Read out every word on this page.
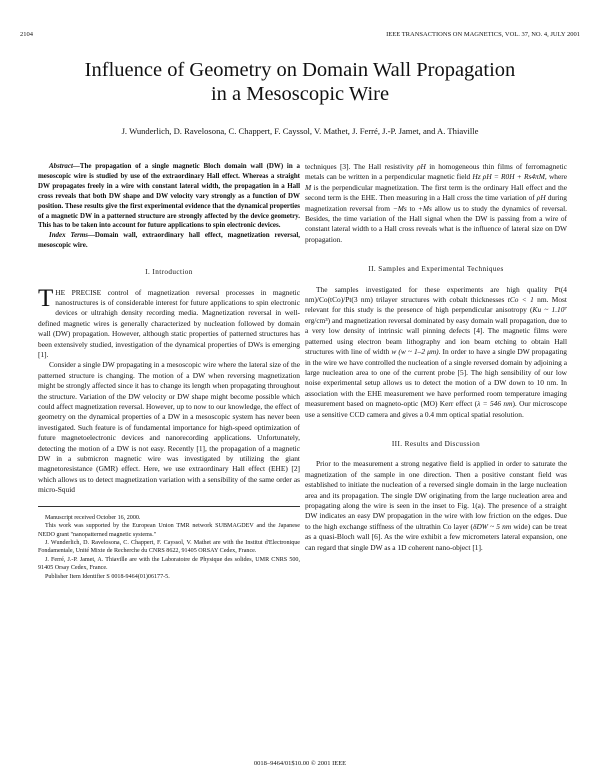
2104	IEEE TRANSACTIONS ON MAGNETICS, VOL. 37, NO. 4, JULY 2001
Influence of Geometry on Domain Wall Propagation
in a Mesoscopic Wire
J. Wunderlich, D. Ravelosona, C. Chappert, F. Cayssol, V. Mathet, J. Ferré, J.-P. Jamet, and A. Thiaville

Abstract—The propagation of a single magnetic Bloch domain wall (DW) in a mesoscopic wire is studied by use of the extraordinary Hall effect. Whereas a straight DW propagates freely in a wire with constant lateral width, the propagation in a Hall cross reveals that both DW shape and DW velocity vary strongly as a function of DW position. These results give the first experimental evidence that the dynamical properties of a magnetic DW in a patterned structure are strongly affected by the device geometry. This has to be taken into account for future applications to spin electronic devices.

Index Terms—Domain wall, extraordinary hall effect, magnetization reversal, mesoscopic wire.

I. Introduction

THE PRECISE control of magnetization reversal processes in magnetic nanostructures is of considerable interest for future applications to spin electronic devices or ultrahigh density recording media. Magnetization reversal in well-defined magnetic wires is generally characterized by nucleation followed by domain wall (DW) propagation. However, although static properties of patterned structures has been extensively studied, investigation of the dynamical properties of DWs is emerging [1].

Consider a single DW propagating in a mesoscopic wire where the lateral size of the patterned structure is changing. The motion of a DW when reversing magnetization might be strongly affected since it has to change its length when propagating throughout the structure. Variation of the DW velocity or DW shape might become possible which could affect magnetization reversal. However, up to now to our knowledge, the effect of geometry on the dynamical properties of a DW in a mesoscopic system has never been investigated. Such feature is of fundamental importance for high-speed optimization of future magnetoelectronic devices and nanorecording applications. Unfortunately, detecting the motion of a DW is not easy. Recently [1], the propagation of a magnetic DW in a submicron magnetic wire was investigated by utilizing the giant magnetoresistance (GMR) effect. Here, we use extraordinary Hall effect (EHE) [2] which allows us to detect magnetization variation with a sensibility of the same order as micro-Squid

Manuscript received October 16, 2000.

This work was supported by the European Union TMR network SUBMAGDEV and the Japanese NEDO grant "nanopatterned magnetic systems."

J. Wunderlich, D. Ravelosona, C. Chappert, F. Cayssol, V. Mathet are with the Institut d'Electronique Fondamentale, Unité Mixte de Recherche du CNRS 8622, 91405 ORSAY Cedex, France.

J. Ferré, J.-P. Jamet, A. Thiaville are with the Laboratoire de Physique des solides, UMR CNRS 500, 91405 Orsay Cedex, France.

Publisher Item Identifier S 0018-9464(01)06177-5.

techniques [3]. The Hall resistivity ρH in homogeneous thin films of ferromagnetic metals can be written in a perpendicular magnetic field Hz ρH = R0H + Rs4πM, where M is the perpendicular magnetization. The first term is the ordinary Hall effect and the second term is the EHE. Then measuring in a Hall cross the time variation of ρH during magnetization reversal from −Ms to +Ms allow us to study the dynamics of reversal. Besides, the time variation of the Hall signal when the DW is passing from a wire of constant lateral width to a Hall cross reveals what is the influence of lateral size on DW propagation.

II. Samples and Experimental Techniques

The samples investigated for these experiments are high quality Pt(4 nm)/Co(tCo)/Pt(3 nm) trilayer structures with cobalt thicknesses tCo < 1 nm. Most relevant for this study is the presence of high perpendicular anisotropy (Ku ~ 1.10⁷ erg/cm³) and magnetization reversal dominated by easy domain wall propagation, due to a very low density of intrinsic wall pinning defects [4]. The magnetic films were patterned using electron beam lithography and ion beam etching to obtain Hall structures with line of width w (w ~ 1–2 μm). In order to have a single DW propagating in the wire we have controlled the nucleation of a single reversed domain by adjoining a large nucleation area to one of the current probe [5]. The high sensibility of our low noise experimental setup allows us to detect the motion of a DW down to 10 nm. In association with the EHE measurement we have performed room temperature imaging measurement based on magneto-optic (MO) Kerr effect (λ = 546 nm). Our microscope use a sensitive CCD camera and gives a 0.4 mm optical spatial resolution.

III. Results and Discussion

Prior to the measurement a strong negative field is applied in order to saturate the magnetization of the sample in one direction. Then a positive constant field was established to initiate the nucleation of a reversed single domain in the large nucleation area and its propagation. The single DW originating from the large nucleation area and propagating along the wire is seen in the inset to Fig. 1(a). The presence of a straight DW indicates an easy DW propagation in the wire with low friction on the edges. Due to the high exchange stiffness of the ultrathin Co layer (δDW ~ 5 nm wide) can be treat as a quasi-Bloch wall [6]. As the wire exhibit a few micrometers lateral expansion, one can regard that single DW as a 1D coherent nano-object [1].

0018–9464/01$10.00 © 2001 IEEE
